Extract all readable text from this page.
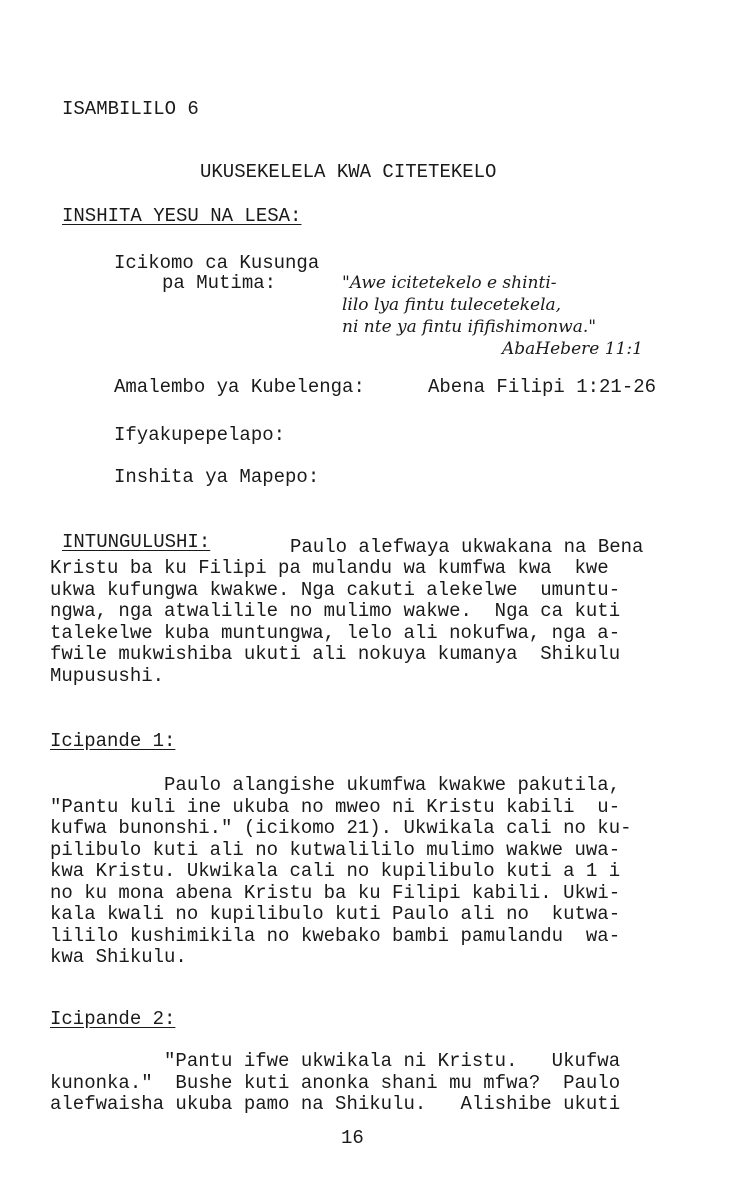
ISAMBILILO 6
UKUSEKELELA KWA CITETEKELO
INSHITA YESU NA LESA:
Icikomo ca Kusunga
pa Mutima:	"Awe icitetekelo e shinti-
lilo lya fintu tulecetekela,
ni nte ya fintu ififishimonwa."
AbaHebere 11:1
Amalembo ya Kubelenga:	Abena Filipi 1:21-26
Ifyakupepelapo:
Inshita ya Mapepo:
INTUNGULUSHI:	Paulo alefwaya ukwakana na Bena
Kristu ba ku Filipi pa mulandu wa kumfwa kwa  kwe
ukwa kufungwa kwakwe. Nga cakuti alekelwe  umuntu-
ngwa, nga atwalilile no mulimo wakwe.  Nga ca kuti
talekelwe kuba muntungwa, lelo ali nokufwa, nga a-
fwile mukwishiba ukuti ali nokuya kumanya  Shikulu
Mupusushi.
Icipande 1:
Paulo alangishe ukumfwa kwakwe pakutila,
"Pantu kuli ine ukuba no mweo ni Kristu kabili  u-
kufwa bunonshi." (icikomo 21). Ukwikala cali no ku-
pilibulo kuti ali no kutwalililo mulimo wakwe uwa-
kwa Kristu. Ukwikala cali no kupilibulo kuti a 1 i
no ku mona abena Kristu ba ku Filipi kabili. Ukwi-
kala kwali no kupilibulo kuti Paulo ali no  kutwa-
lililo kushimikila no kwebako bambi pamulandu  wa-
kwa Shikulu.
Icipande 2:
"Pantu ifwe ukwikala ni Kristu.   Ukufwa
kunonka."  Bushe kuti anonka shani mu mfwa?  Paulo
alefwaisha ukuba pamo na Shikulu.   Alishibe ukuti
16
